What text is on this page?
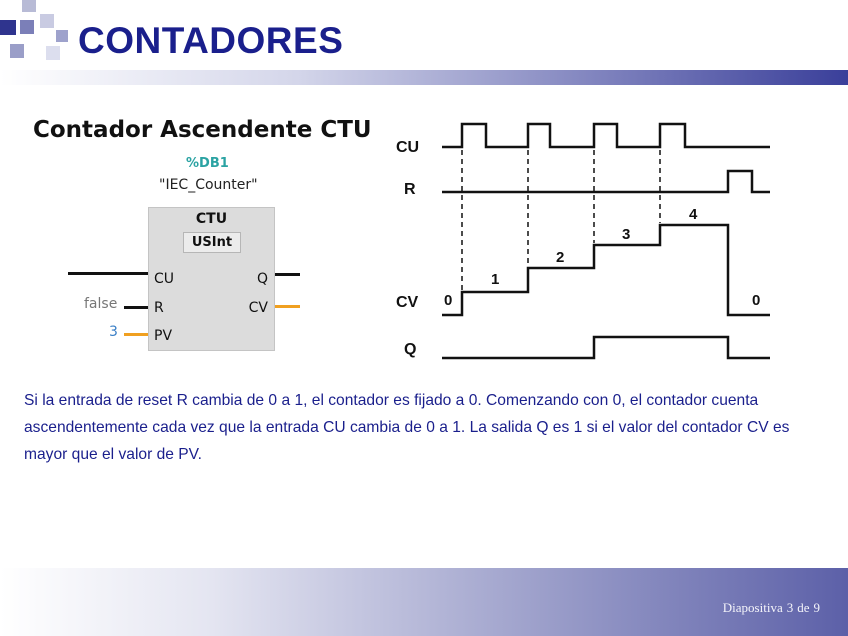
CONTADORES
Contador Ascendente CTU
%DB1
"IEC_Counter"
false
3
CTU
USInt
CU
R
PV
Q
CV
CU
R
CV
Q
0
1
2
3
4
0
Si la entrada de reset R cambia de 0 a 1, el contador es fijado a 0. Comenzando con 0, el contador cuenta ascendentemente cada vez que la entrada CU cambia de 0 a 1. La salida Q es 1 si el valor del contador CV es mayor que el valor de PV.
Diapositiva 3 de 9
